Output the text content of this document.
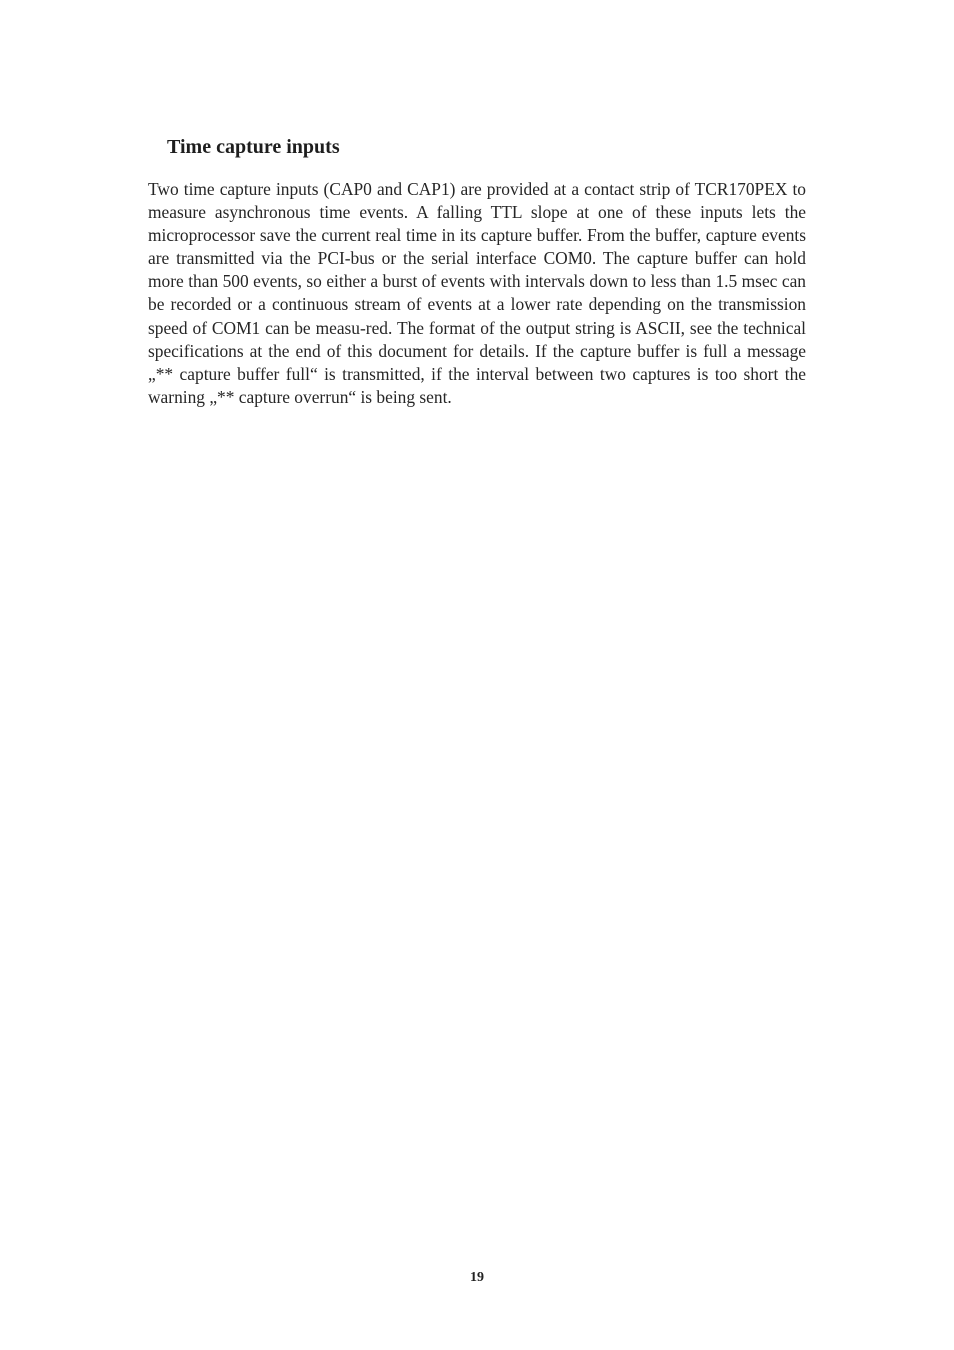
Time capture inputs

Two time capture inputs (CAP0 and CAP1) are provided at a contact strip of TCR170PEX to measure asynchronous time events. A falling TTL slope at one of these inputs lets the microprocessor save the current real time in its capture buffer. From the buffer, capture events are transmitted via the PCI-bus or the serial interface COM0. The capture buffer can hold more than 500 events, so either a burst of events with intervals down to less than 1.5 msec can be recorded or a continuous stream of events at a lower rate depending on the transmission speed of COM1 can be measu-red. The format of the output string is ASCII, see the technical specifications at the end of this document for details. If the capture buffer is full a message „** capture buffer full“ is transmitted, if the interval between two captures is too short the warning „** capture overrun“ is being sent.

19
